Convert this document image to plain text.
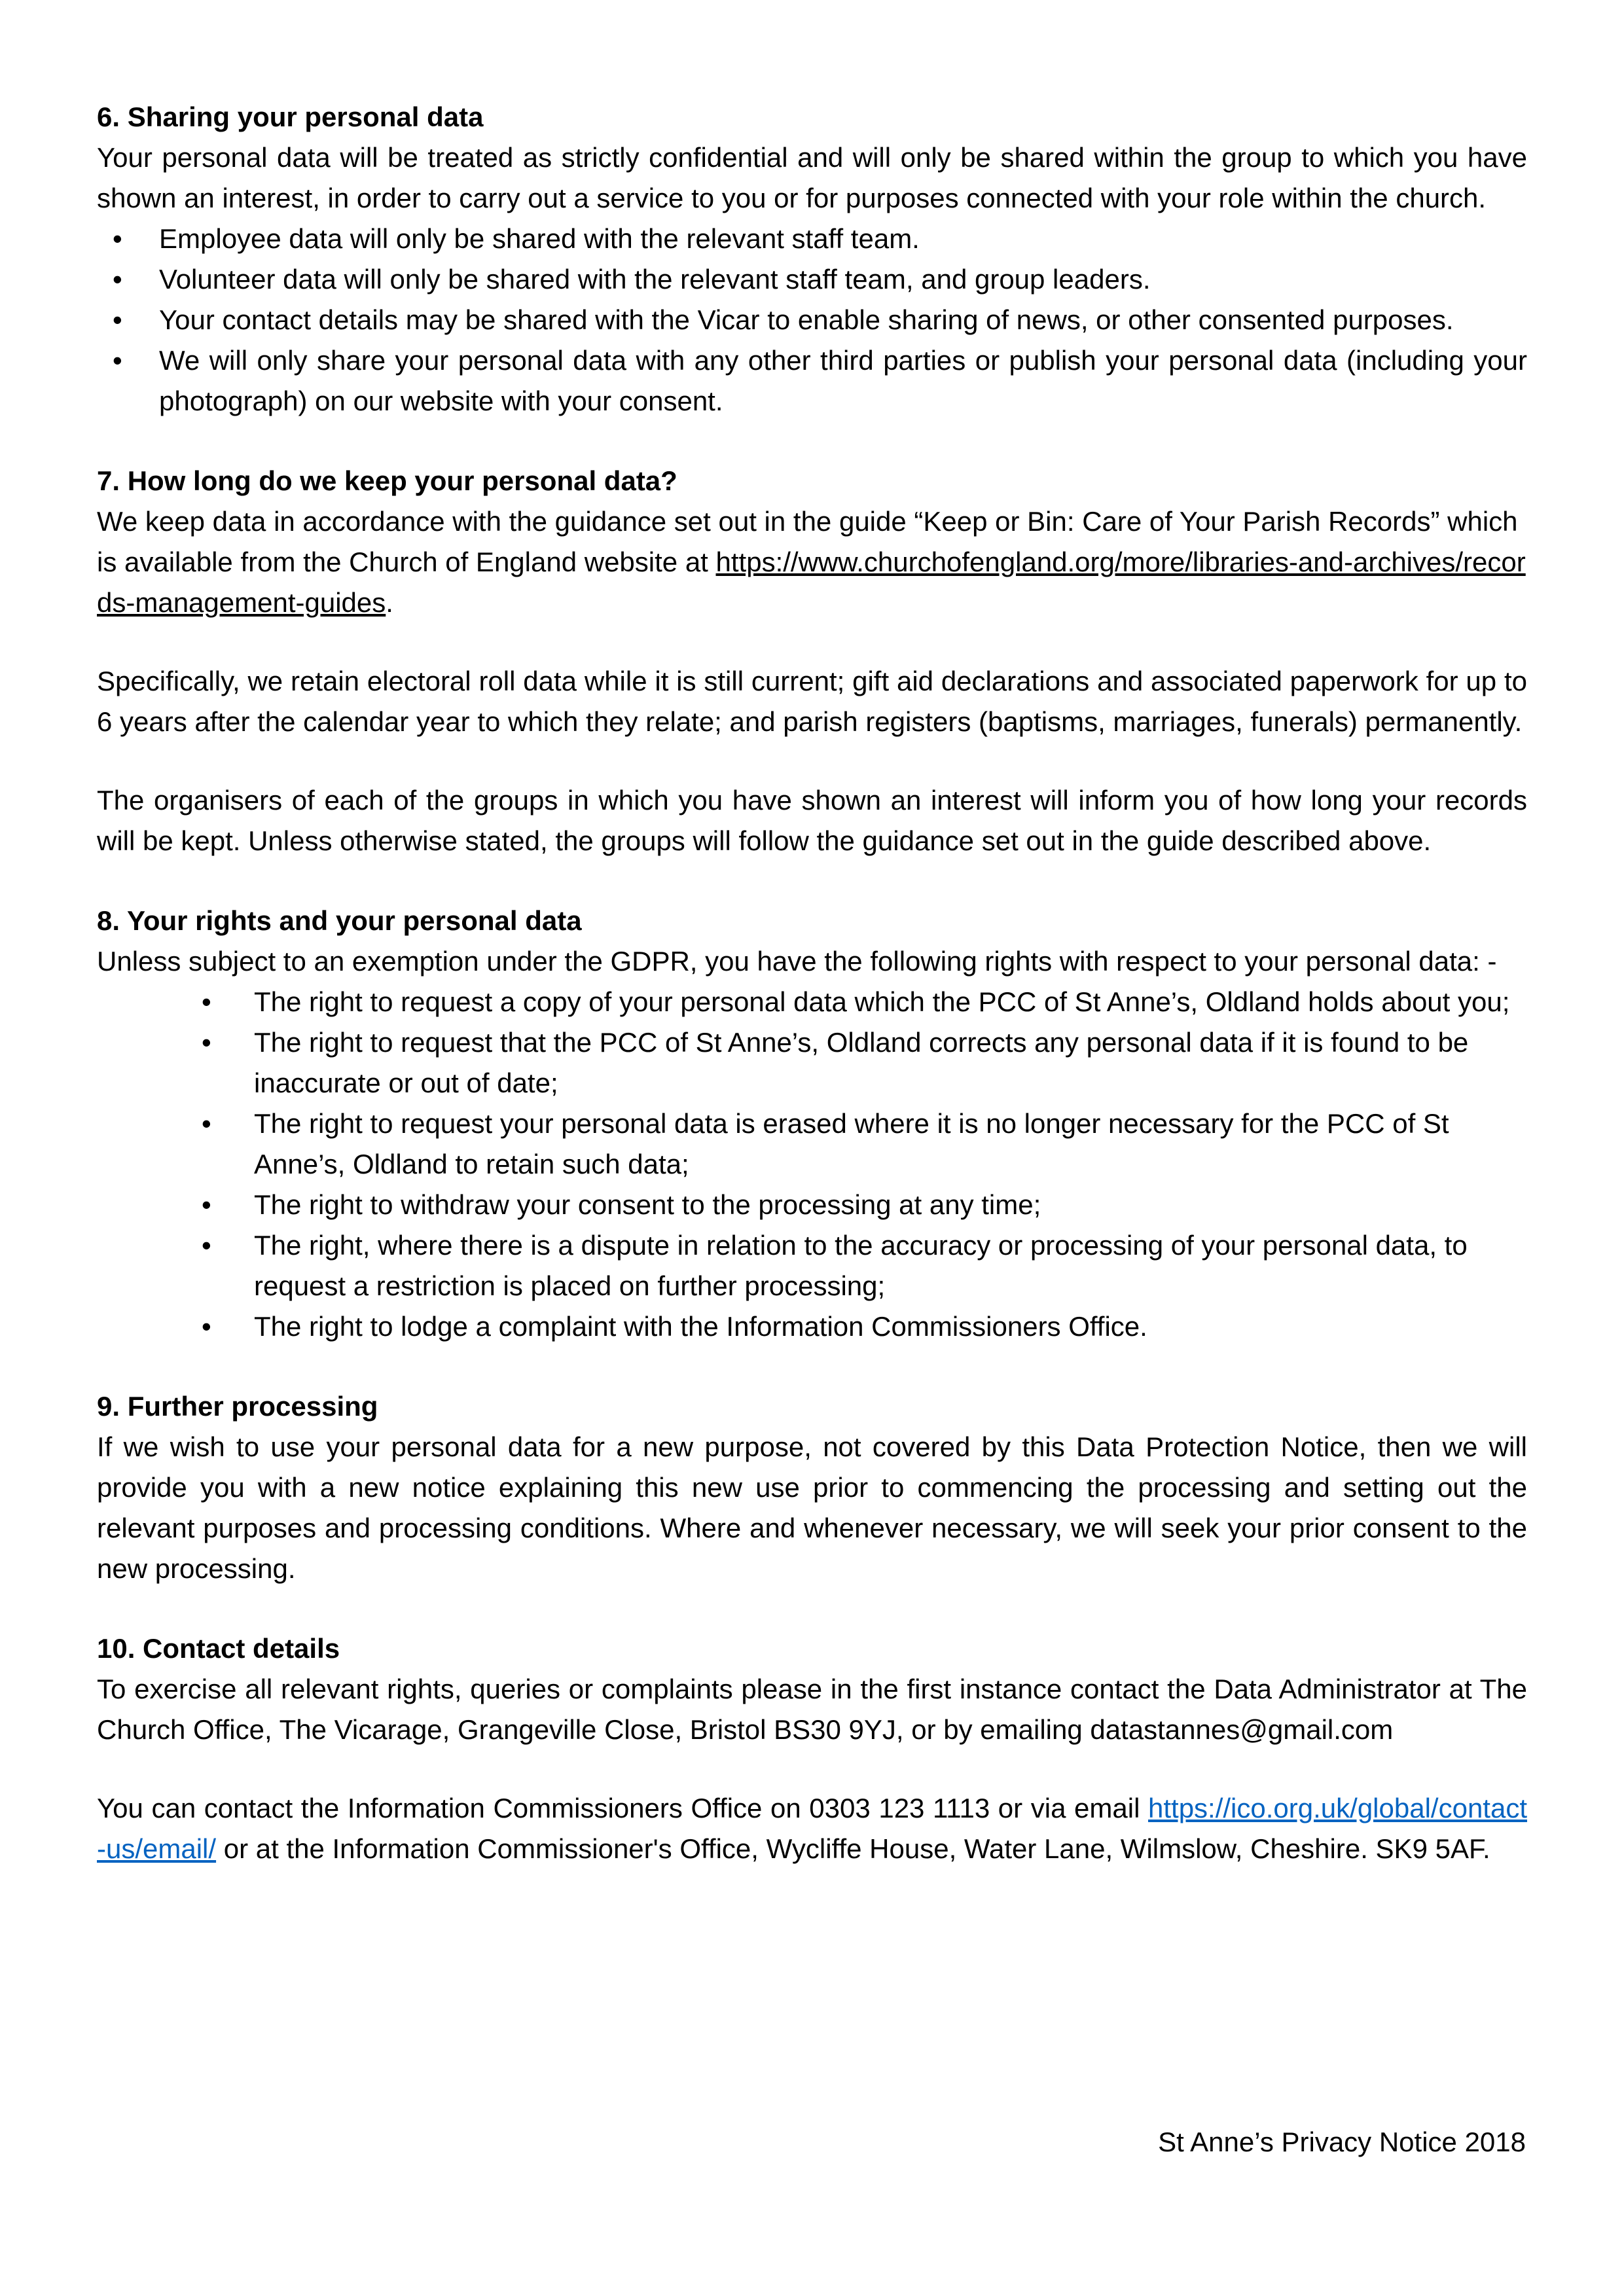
6. Sharing your personal data

Your personal data will be treated as strictly confidential and will only be shared within the group to which you have shown an interest, in order to carry out a service to you or for purposes connected with your role within the church.

• Employee data will only be shared with the relevant staff team.
• Volunteer data will only be shared with the relevant staff team, and group leaders.
• Your contact details may be shared with the Vicar to enable sharing of news, or other consented purposes.
• We will only share your personal data with any other third parties or publish your personal data (including your photograph) on our website with your consent.
7. How long do we keep your personal data?

We keep data in accordance with the guidance set out in the guide “Keep or Bin: Care of Your Parish Records” which is available from the Church of England website at https://www.churchofengland.org/more/libraries-and-archives/records-management-guides.

Specifically, we retain electoral roll data while it is still current; gift aid declarations and associated paperwork for up to 6 years after the calendar year to which they relate; and parish registers (baptisms, marriages, funerals) permanently.

The organisers of each of the groups in which you have shown an interest will inform you of how long your records will be kept. Unless otherwise stated, the groups will follow the guidance set out in the guide described above.

8. Your rights and your personal data

Unless subject to an exemption under the GDPR, you have the following rights with respect to your personal data: -

• The right to request a copy of your personal data which the PCC of St Anne’s, Oldland holds about you;
• The right to request that the PCC of St Anne’s, Oldland corrects any personal data if it is found to be inaccurate or out of date;
• The right to request your personal data is erased where it is no longer necessary for the PCC of St Anne’s, Oldland to retain such data;
• The right to withdraw your consent to the processing at any time;
• The right, where there is a dispute in relation to the accuracy or processing of your personal data, to request a restriction is placed on further processing;
• The right to lodge a complaint with the Information Commissioners Office.
9. Further processing

If we wish to use your personal data for a new purpose, not covered by this Data Protection Notice, then we will provide you with a new notice explaining this new use prior to commencing the processing and setting out the relevant purposes and processing conditions. Where and whenever necessary, we will seek your prior consent to the new processing.

10. Contact details

To exercise all relevant rights, queries or complaints please in the first instance contact the Data Administrator at The Church Office, The Vicarage, Grangeville Close, Bristol BS30 9YJ, or by emailing datastannes@gmail.com

You can contact the Information Commissioners Office on 0303 123 1113 or via email https://ico.org.uk/global/contact-us/email/ or at the Information Commissioner's Office, Wycliffe House, Water Lane, Wilmslow, Cheshire. SK9 5AF.

St Anne’s Privacy Notice 2018
